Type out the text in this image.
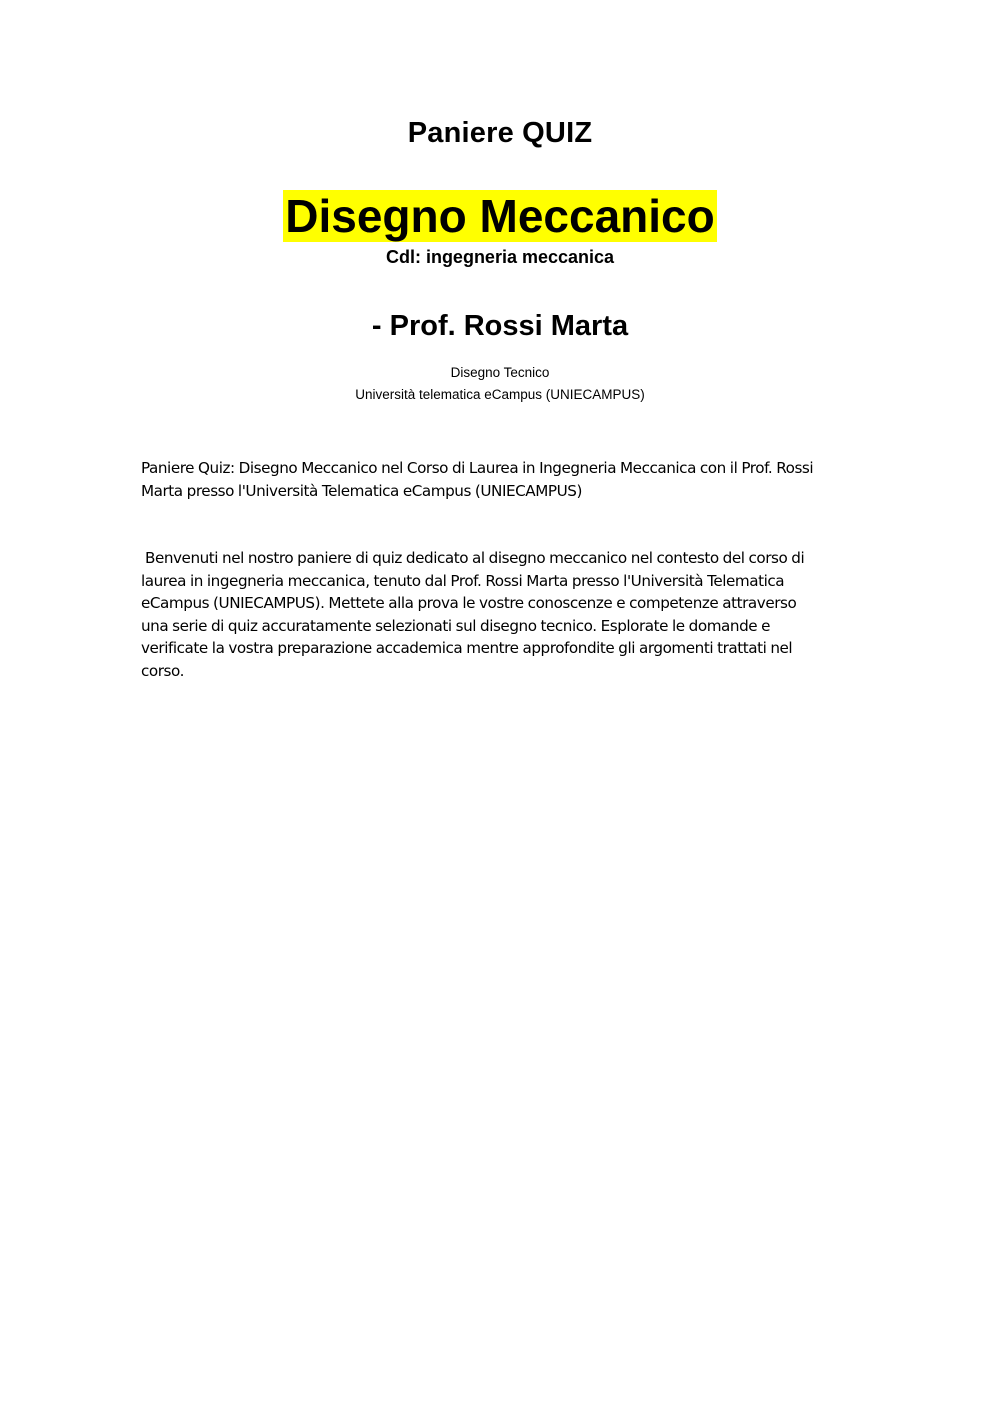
Paniere QUIZ
Disegno Meccanico
Cdl: ingegneria meccanica
- Prof. Rossi Marta
Disegno Tecnico
Università telematica eCampus (UNIECAMPUS)
Paniere Quiz: Disegno Meccanico nel Corso di Laurea in Ingegneria Meccanica con il Prof. Rossi
Marta presso l'Università Telematica eCampus (UNIECAMPUS)
Benvenuti nel nostro paniere di quiz dedicato al disegno meccanico nel contesto del corso di
laurea in ingegneria meccanica, tenuto dal Prof. Rossi Marta presso l'Università Telematica
eCampus (UNIECAMPUS). Mettete alla prova le vostre conoscenze e competenze attraverso
una serie di quiz accuratamente selezionati sul disegno tecnico. Esplorate le domande e
verificate la vostra preparazione accademica mentre approfondite gli argomenti trattati nel
corso.
